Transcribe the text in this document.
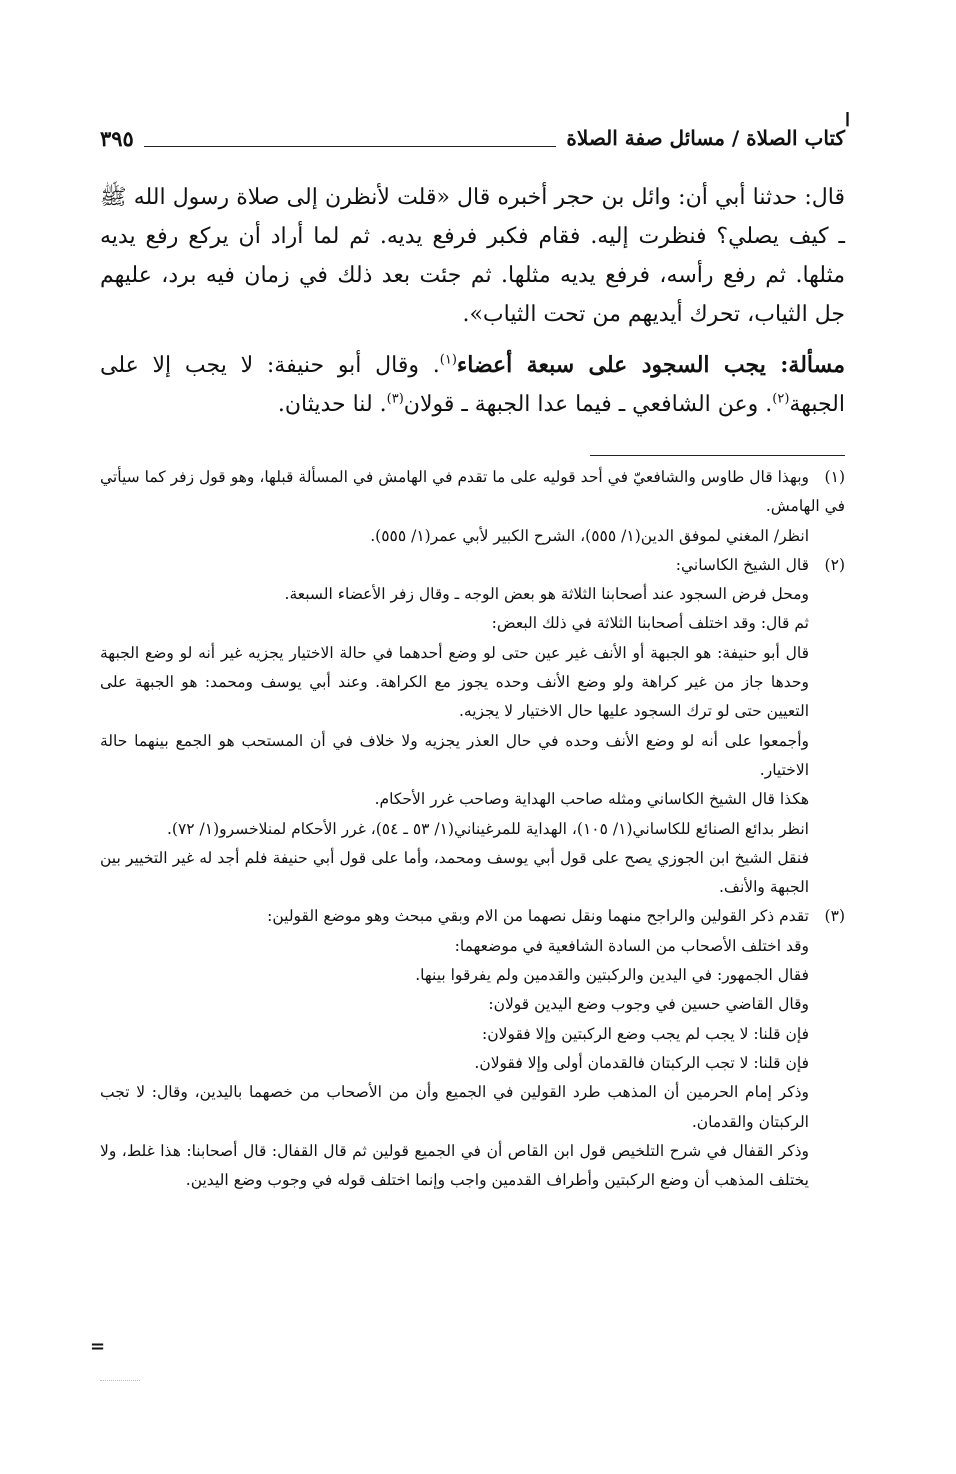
ا
كتاب الصلاة / مسائل صفة الصلاة
٣٩٥

قال: حدثنا أبي أن: وائل بن حجر أخبره قال «قلت لأنظرن إلى صلاة رسول الله ﷺ ـ كيف يصلي؟ فنظرت إليه. فقام فكبر فرفع يديه. ثم لما أراد أن يركع رفع يديه مثلها. ثم رفع رأسه، فرفع يديه مثلها. ثم جئت بعد ذلك في زمان فيه برد، عليهم جل الثياب، تحرك أيديهم من تحت الثياب».

مسألة: يجب السجود على سبعة أعضاء$^{(١)}$. وقال أبو حنيفة: لا يجب إلا على الجبهة$^{(٢)}$. وعن الشافعي ـ فيما عدا الجبهة ـ قولان$^{(٣)}$. لنا حديثان.

(١)وبهذا قال طاوس والشافعيّ في أحد قوليه على ما تقدم في الهامش في المسألة قبلها، وهو قول زفر كما سيأتي في الهامش.

انظر/ المغني لموفق الدين(١/ ٥٥٥)، الشرح الكبير لأبي عمر(١/ ٥٥٥).

(٢)قال الشيخ الكاساني:

ومحل فرض السجود عند أصحابنا الثلاثة هو بعض الوجه ـ وقال زفر الأعضاء السبعة.

ثم قال: وقد اختلف أصحابنا الثلاثة في ذلك البعض:

قال أبو حنيفة: هو الجبهة أو الأنف غير عين حتى لو وضع أحدهما في حالة الاختيار يجزيه غير أنه لو وضع الجبهة وحدها جاز من غير كراهة ولو وضع الأنف وحده يجوز مع الكراهة. وعند أبي يوسف ومحمد: هو الجبهة على التعيين حتى لو ترك السجود عليها حال الاختيار لا يجزيه.

وأجمعوا على أنه لو وضع الأنف وحده في حال العذر يجزيه ولا خلاف في أن المستحب هو الجمع بينهما حالة الاختيار.

هكذا قال الشيخ الكاساني ومثله صاحب الهداية وصاحب غرر الأحكام.

انظر بدائع الصنائع للكاساني(١/ ١٠٥)، الهداية للمرغيناني(١/ ٥٣ ـ ٥٤)، غرر الأحكام لمنلاخسرو(١/ ٧٢).

فنقل الشيخ ابن الجوزي يصح على قول أبي يوسف ومحمد، وأما على قول أبي حنيفة فلم أجد له غير التخيير بين الجبهة والأنف.

(٣)تقدم ذكر القولين والراجح منهما ونقل نصهما من الام وبقي مبحث وهو موضع القولين:

وقد اختلف الأصحاب من السادة الشافعية في موضعهما:

فقال الجمهور: في اليدين والركبتين والقدمين ولم يفرقوا بينها.

وقال القاضي حسين في وجوب وضع اليدين قولان:

فإن قلنا: لا يجب لم يجب وضع الركبتين وإلا فقولان:

فإن قلنا: لا تجب الركبتان فالقدمان أولى وإلا فقولان.

وذكر إمام الحرمين أن المذهب طرد القولين في الجميع وأن من الأصحاب من خصهما باليدين، وقال: لا تجب الركبتان والقدمان.

وذكر القفال في شرح التلخيص قول ابن القاص أن في الجميع قولين ثم قال القفال: قال أصحابنا: هذا غلط، ولا يختلف المذهب أن وضع الركبتين وأطراف القدمين واجب وإنما اختلف قوله في وجوب وضع اليدين.

=
